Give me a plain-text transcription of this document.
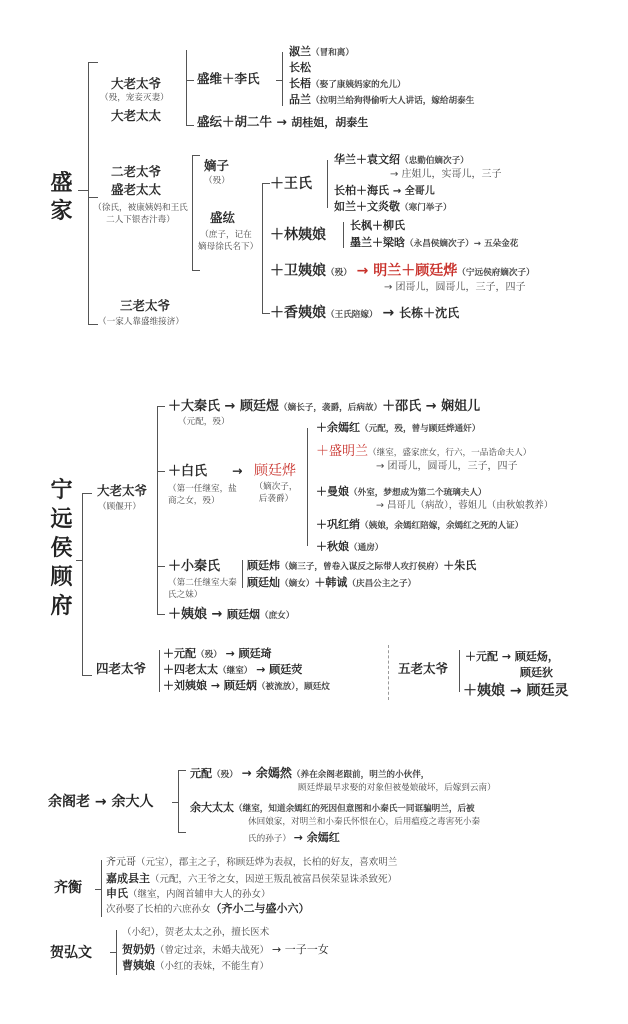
盛家
大老太爷
（殁，宠妾灭妻）
大老太太
盛维＋李氏
淑兰（冒和离）
长松
长梧（娶了康姨妈家的允儿）
品兰（拉明兰给狗得偷听大人讲话，嫁给胡泰生
盛纭＋胡二牛 → 胡桂姐，胡泰生
二老太爷
盛老太太
（徐氏，被康姨妈和王氏二人下银杏汁毒）
嫡子
（殁）
盛纮
（庶子，记在嫡母徐氏名下）
＋王氏
华兰＋袁文绍（忠勤伯嫡次子）
→ 庄姐儿，实哥儿，三子
长柏＋海氏 → 全哥儿
如兰＋文炎敬（寒门举子）
＋林姨娘
长枫＋柳氏
墨兰＋梁晗（永昌侯嫡次子）→ 五朵金花
＋卫姨娘（殁） → 明兰＋顾廷烨（宁远侯府嫡次子）
→ 团哥儿，圆哥儿，三子，四子
＋香姨娘（王氏陪嫁） → 长栋＋沈氏
三老太爷
（一家人靠盛维接济）
宁远侯顾府
大老太爷
（顾偃开）
＋大秦氏 → 顾廷煜（嫡长子，袭爵，后病故）＋邵氏 → 娴姐儿
（元配，殁）
＋白氏
（第一任继室，盐商之女，殁）
→ 顾廷烨
（嫡次子，后袭爵）
＋余嫣红（元配，殁，曾与顾廷烨通奸）
＋盛明兰（继室，盛家庶女，行六，一品诰命夫人）
→ 团哥儿，圆哥儿，三子，四子
＋曼娘（外室，梦想成为第二个琉璃夫人）
→ 昌哥儿（病故），蓉姐儿（由秋娘教养）
＋巩红绡（姨娘，余嫣红陪嫁，余嫣红之死的人证）
＋秋娘（通房）
＋小秦氏
（第二任继室大秦氏之妹）
顾廷炜（嫡三子，曾卷入谋反之际带人攻打侯府）＋朱氏
顾廷灿（嫡女）＋韩诚（庆昌公主之子）
＋姨娘 → 顾廷烟（庶女）
四老太爷
＋元配（殁） → 顾廷琦
＋四老太太（继室） → 顾廷荧
＋刘姨娘 → 顾廷炳（被流放），顾廷炆
五老太爷
＋元配 → 顾廷炀，
顾廷狄
＋姨娘 → 顾廷灵
余阁老 → 余大人
元配（殁） → 余嫣然（养在余阁老跟前，明兰的小伙伴，
顾廷烨最早求娶的对象但被曼娘破坏，后嫁到云南）
余大太太（继室，知道余嫣红的死因但意图和小秦氏一同诓骗明兰，后被
休回娘家，对明兰和小秦氏怀恨在心，后用瘟疫之毒害死小秦
氏的孙子） → 余嫣红
齐衡
齐元哥（元宝），郡主之子，称顾廷烨为表叔，长柏的好友，喜欢明兰
嘉成县主（元配，六王爷之女，因逆王叛乱被富昌侯荣显诛杀致死）
申氏（继室，内阁首辅申大人的孙女）
次孙娶了长柏的六庶孙女（齐小二与盛小六）
贺弘文
（小纪），贺老太太之孙，擅长医术
贺奶奶（曾定过亲，未婚夫战死） → 一子一女
曹姨娘（小红的表妹，不能生育）
